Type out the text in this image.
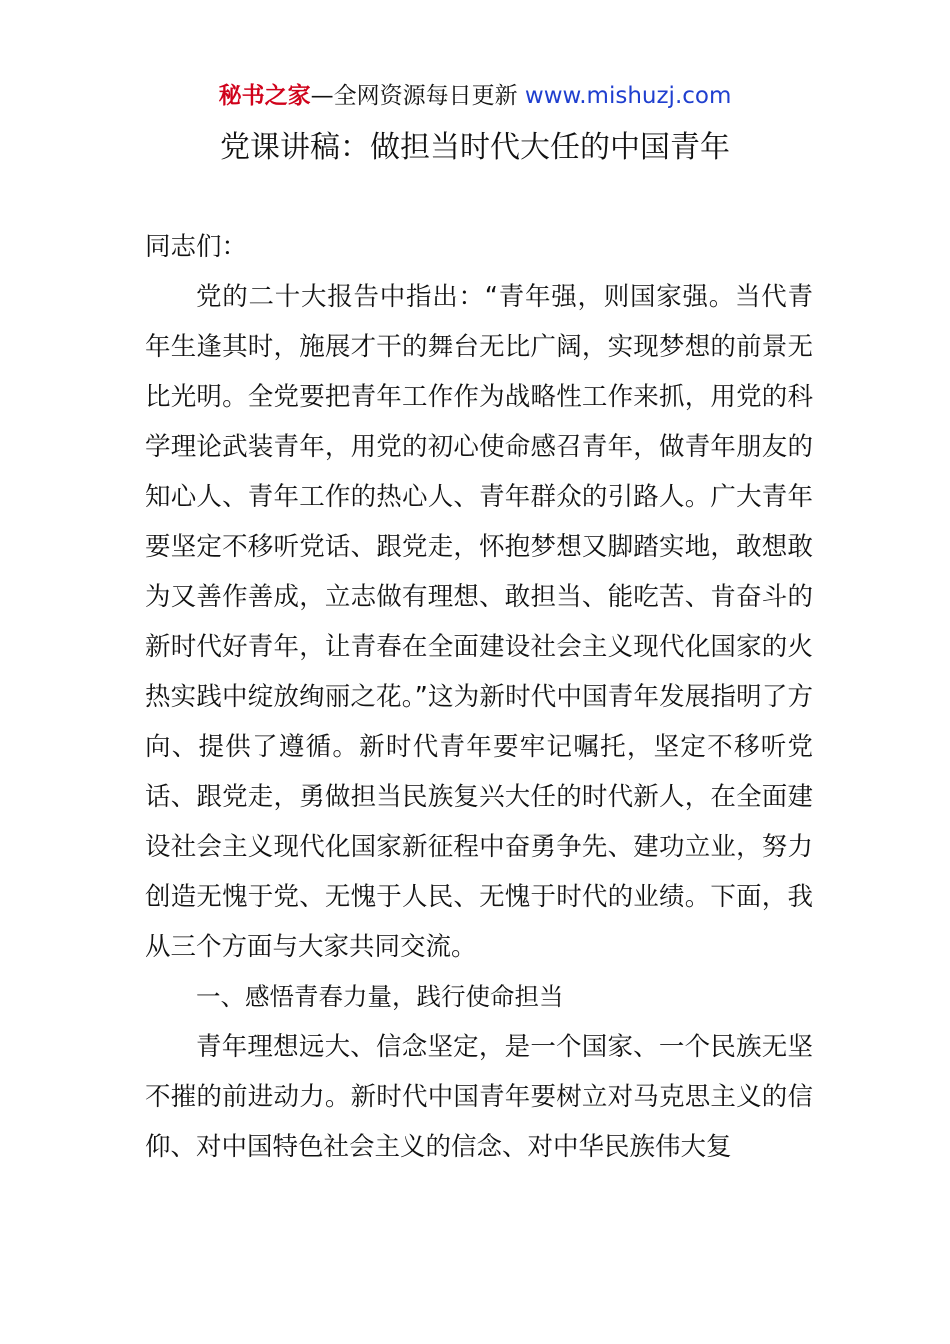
秘书之家—全网资源每日更新 www.mishuzj.com
党课讲稿：做担当时代大任的中国青年

同志们：

党的二十大报告中指出：“青年强，则国家强。当代青年生逢其时，施展才干的舞台无比广阔，实现梦想的前景无比光明。全党要把青年工作作为战略性工作来抓，用党的科学理论武装青年，用党的初心使命感召青年，做青年朋友的知心人、青年工作的热心人、青年群众的引路人。广大青年要坚定不移听党话、跟党走，怀抱梦想又脚踏实地，敢想敢为又善作善成，立志做有理想、敢担当、能吃苦、肯奋斗的新时代好青年，让青春在全面建设社会主义现代化国家的火热实践中绽放绚丽之花。”这为新时代中国青年发展指明了方向、提供了遵循。新时代青年要牢记嘱托，坚定不移听党话、跟党走，勇做担当民族复兴大任的时代新人，在全面建设社会主义现代化国家新征程中奋勇争先、建功立业，努力创造无愧于党、无愧于人民、无愧于时代的业绩。下面，我从三个方面与大家共同交流。

一、感悟青春力量，践行使命担当

青年理想远大、信念坚定，是一个国家、一个民族无坚不摧的前进动力。新时代中国青年要树立对马克思主义的信仰、对中国特色社会主义的信念、对中华民族伟大复
